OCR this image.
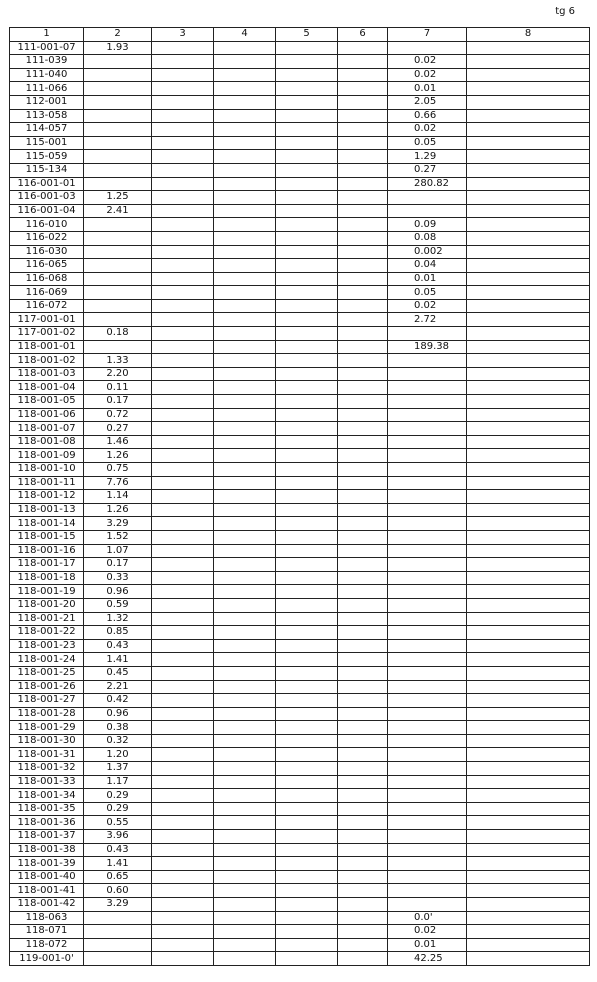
tg 6
1	2	3	4	5	6	7	8
111-001-07	1.93						
111-039						0.02	
111-040						0.02	
111-066						0.01	
112-001						2.05	
113-058						0.66	
114-057						0.02	
115-001						0.05	
115-059						1.29	
115-134						0.27	
116-001-01						280.82	
116-001-03	1.25						
116-001-04	2.41						
116-010						0.09	
116-022						0.08	
116-030						0.002	
116-065						0.04	
116-068						0.01	
116-069						0.05	
116-072						0.02	
117-001-01						2.72	
117-001-02	0.18						
118-001-01						189.38	
118-001-02	1.33						
118-001-03	2.20						
118-001-04	0.11						
118-001-05	0.17						
118-001-06	0.72						
118-001-07	0.27						
118-001-08	1.46						
118-001-09	1.26						
118-001-10	0.75						
118-001-11	7.76						
118-001-12	1.14						
118-001-13	1.26						
118-001-14	3.29						
118-001-15	1.52						
118-001-16	1.07						
118-001-17	0.17						
118-001-18	0.33						
118-001-19	0.96						
118-001-20	0.59						
118-001-21	1.32						
118-001-22	0.85						
118-001-23	0.43						
118-001-24	1.41						
118-001-25	0.45						
118-001-26	2.21						
118-001-27	0.42						
118-001-28	0.96						
118-001-29	0.38						
118-001-30	0.32						
118-001-31	1.20						
118-001-32	1.37						
118-001-33	1.17						
118-001-34	0.29						
118-001-35	0.29						
118-001-36	0.55						
118-001-37	3.96						
118-001-38	0.43						
118-001-39	1.41						
118-001-40	0.65						
118-001-41	0.60						
118-001-42	3.29						
118-063						0.0'	
118-071						0.02	
118-072						0.01	
119-001-0'						42.25	
